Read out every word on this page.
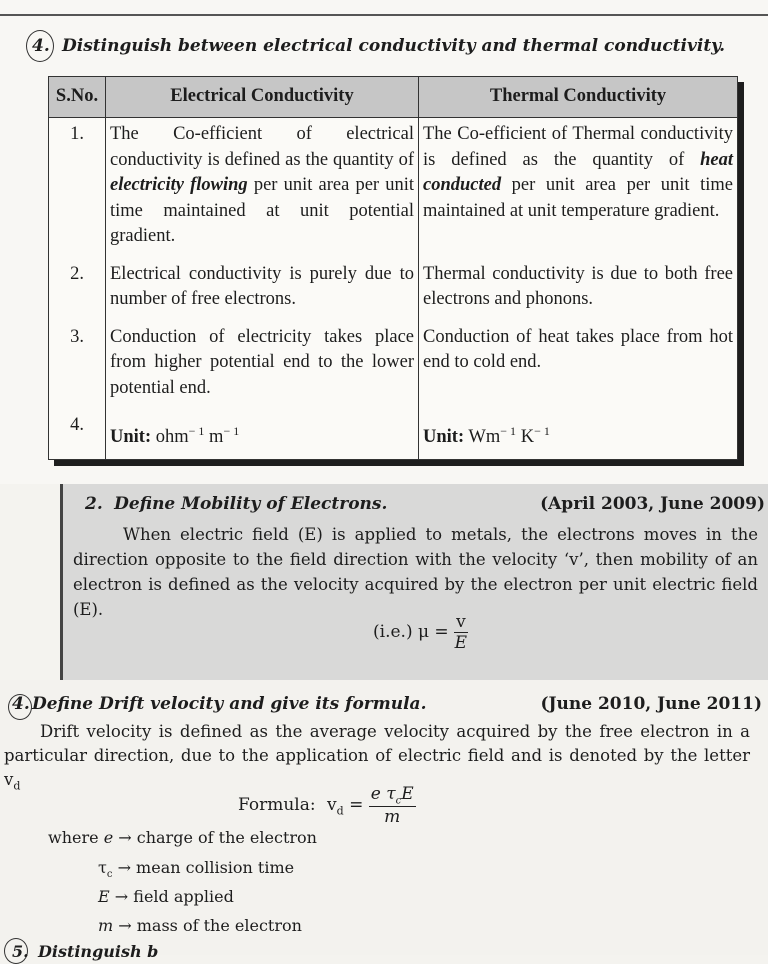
4. Distinguish between electrical conductivity and thermal conductivity.
S.No.	Electrical Conductivity	Thermal Conductivity
1.	The Co-efficient of electrical conductivity is defined as the quantity of electricity flowing per unit area per unit time maintained at unit potential gradient.	The Co-efficient of Thermal conductivity is defined as the quantity of heat conducted per unit area per unit time maintained at unit temperature gradient.
2.	Electrical conductivity is purely due to number of free electrons.	Thermal conductivity is due to both free electrons and phonons.
3.	Conduction of electricity takes place from higher potential end to the lower potential end.	Conduction of heat takes place from hot end to cold end.
4.	Unit: ohm$^{- 1}$ $m^{- 1}$	Unit: $Wm^{- 1}$ $K^{- 1}$
2. Define Mobility of Electrons.	(April 2003, June 2009)
When electric field (E) is applied to metals, the electrons moves in the direction opposite to the field direction with the velocity ‘v’, then mobility of an electron is defined as the velocity acquired by the electron per unit electric field (E).
(i.e.) $\mu = \frac{v}{E}$
4. Define Drift velocity and give its formula.	(June 2010, June 2011)
Drift velocity is defined as the average velocity acquired by the free electron in a particular direction, due to the application of electric field and is denoted by the letter $v_d$
Formula: $v_d = \frac{e \tau_cE}{m}$
where e → charge of the electron
$\tau_c$ → mean collision time
E → field applied
m → mass of the electron
5. Distinguish b
